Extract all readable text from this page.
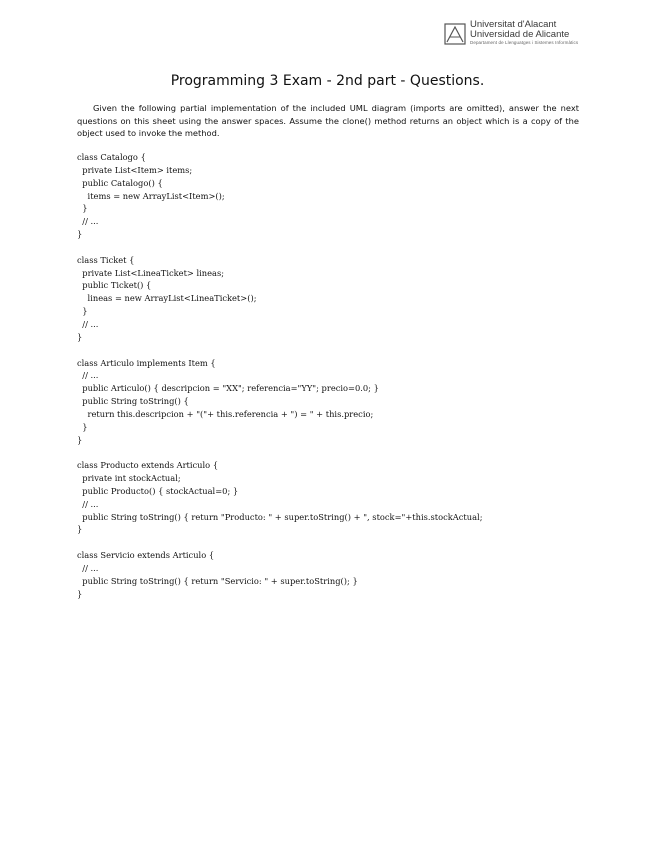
Universitat d'Alacant
Universidad de Alicante
Departament de Llenguatges i Sistemes Informàtics
Programming 3 Exam - 2nd part - Questions.

Given the following partial implementation of the included UML diagram (imports are omitted), answer the next questions on this sheet using the answer spaces. Assume the clone() method returns an object which is a copy of the object used to invoke the method.

class Catalogo {
private List<Item> items;
public Catalogo() {
items = new ArrayList<Item>();
}
// ...
}

class Ticket {
private List<LineaTicket> lineas;
public Ticket() {
lineas = new ArrayList<LineaTicket>();
}
// ...
}

class Articulo implements Item {
// ...
public Articulo() { descripcion = "XX"; referencia="YY"; precio=0.0; }
public String toString() {
return this.descripcion + "("+ this.referencia + ") = " + this.precio;
}
}

class Producto extends Articulo {
private int stockActual;
public Producto() { stockActual=0; }
// ...
public String toString() { return "Producto: " + super.toString() + ", stock="+this.stockActual;
}

class Servicio extends Articulo {
// ...
public String toString() { return "Servicio: " + super.toString(); }
}
